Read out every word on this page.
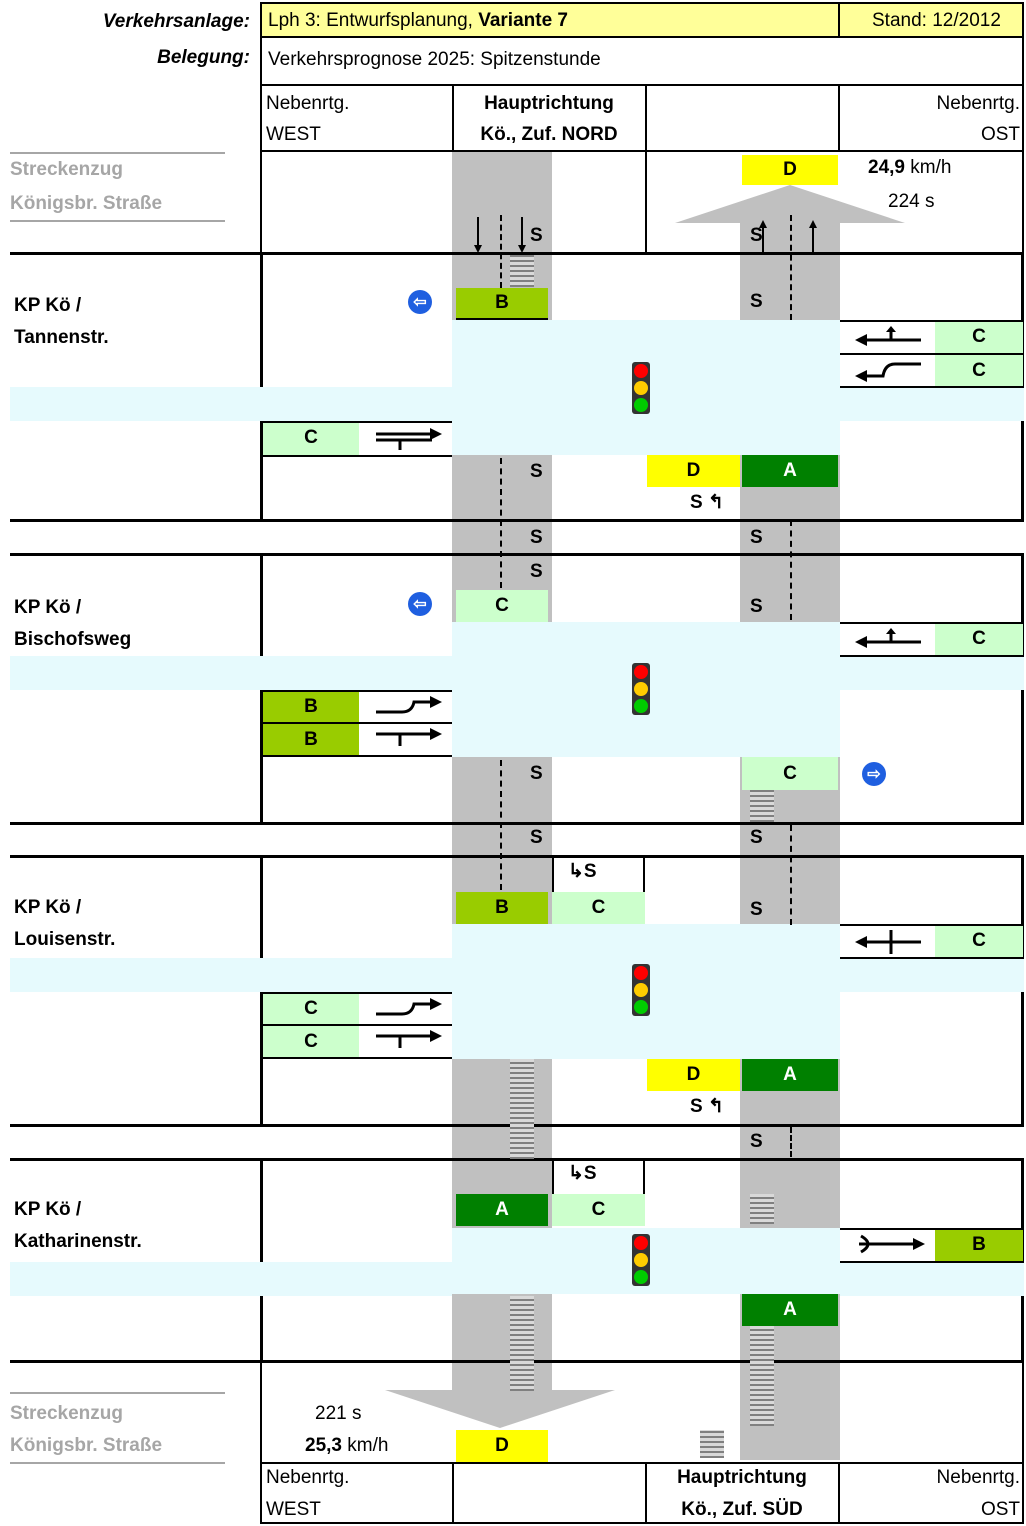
Verkehrsanlage:
Belegung:
Lph 3: Entwurfsplanung, Variante 7	Stand: 12/2012
Verkehrsprognose 2025: Spitzenstunde
Nebenrtg.
WEST
Hauptrichtung
Kö., Zuf. NORD
Nebenrtg.
OST
Streckenzug
Königsbr. Straße
D	24,9 km/h
224 s
KP Kö /
Tannenstr.
B
C
C
C
D	A
S ↰
⇦
KP Kö /
Bischofsweg
C
B
B
C
C
⇦
⇨
KP Kö /
Louisenstr.
B	C
↳S
C
C
C
D	A
S ↰
KP Kö /
Katharinenstr.
A	C
↳S
B
A
S	S
S
S
S
S
S
S
S
S	S
S
S
Streckenzug
Königsbr. Straße
221 s
25,3 km/h	D
Nebenrtg.
WEST
Hauptrichtung
Kö., Zuf. SÜD
Nebenrtg.
OST
